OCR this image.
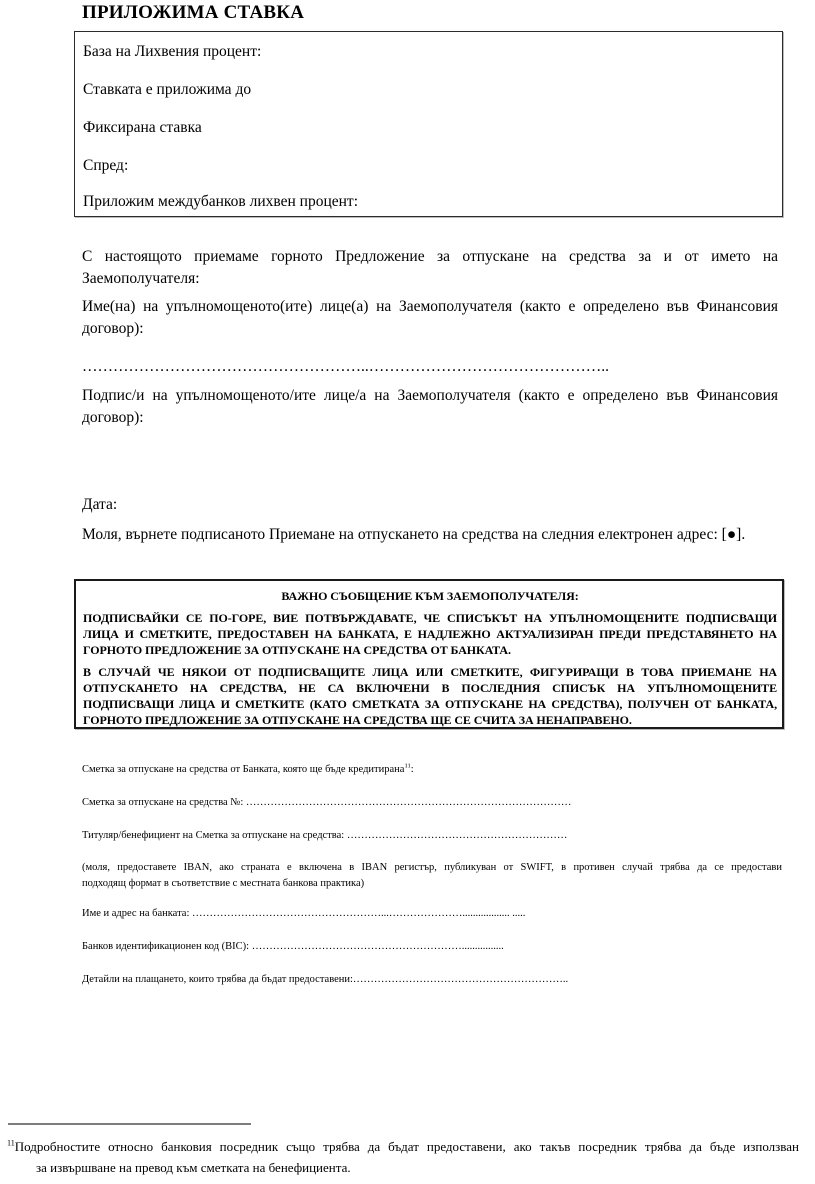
ПРИЛОЖИМА СТАВКА
База на Лихвения процент:
Ставката е приложима до
Фиксирана ставка
Спред:
Приложим междубанков лихвен процент:
С настоящото приемаме горното Предложение за отпускане на средства за и от името на
Заемополучателя:
Име(на) на упълномощеното(ите) лице(а) на Заемополучателя (както е определено във Финансовия
договор):
………………………………………………..………………………………………..
Подпис/и на упълномощеното/ите лице/а на Заемополучателя (както е определено във Финансовия
договор):
Дата:
Моля, върнете подписаното Приемане на отпускането на средства на следния електронен адрес: [●].
ВАЖНО СЪОБЩЕНИЕ КЪМ ЗАЕМОПОЛУЧАТЕЛЯ:
ПОДПИСВАЙКИ СЕ ПО-ГОРЕ, ВИЕ ПОТВЪРЖДАВАТЕ, ЧЕ СПИСЪКЪТ НА УПЪЛНОМОЩЕНИТЕ ПОДПИСВАЩИ
ЛИЦА И СМЕТКИТЕ, ПРЕДОСТАВЕН НА БАНКАТА, Е НАДЛЕЖНО АКТУАЛИЗИРАН ПРЕДИ ПРЕДСТАВЯНЕТО НА
ГОРНОТО ПРЕДЛОЖЕНИЕ ЗА ОТПУСКАНЕ НА СРЕДСТВА ОТ БАНКАТА.
В СЛУЧАЙ ЧЕ НЯКОИ ОТ ПОДПИСВАЩИТЕ ЛИЦА ИЛИ СМЕТКИТЕ, ФИГУРИРАЩИ В ТОВА ПРИЕМАНЕ НА
ОТПУСКАНЕТО НА СРЕДСТВА, НЕ СА ВКЛЮЧЕНИ В ПОСЛЕДНИЯ СПИСЪК НА УПЪЛНОМОЩЕНИТЕ
ПОДПИСВАЩИ ЛИЦА И СМЕТКИТЕ (КАТО СМЕТКАТА ЗА ОТПУСКАНЕ НА СРЕДСТВА), ПОЛУЧЕН ОТ БАНКАТА,
ГОРНОТО ПРЕДЛОЖЕНИЕ ЗА ОТПУСКАНЕ НА СРЕДСТВА ЩЕ СЕ СЧИТА ЗА НЕНАПРАВЕНО.
Сметка за отпускане на средства от Банката, която ще бъде кредитирана$^{11}$:
Сметка за отпускане на средства №: …………………………………………………………………………………
Титуляр/бенефициент на Сметка за отпускане на средства: ………………………………………………………
(моля, предоставете IBAN, ако страната е включена в IBAN регистър, публикуван от SWIFT, в противен случай трябва да се предостави
подходящ формат в съответствие с местната банкова практика)
Име и адрес на банката: ………………………………………………...………………….................. .....
Банков идентификационен код (BIC): ……………………………………………………................
Детайли на плащането, които трябва да бъдат предоставени:……………………………………………………..
$^{11}$Подробностите относно банковия посредник също трябва да бъдат предоставени, ако такъв посредник трябва да бъде използван
за извършване на превод към сметката на бенефициента.
